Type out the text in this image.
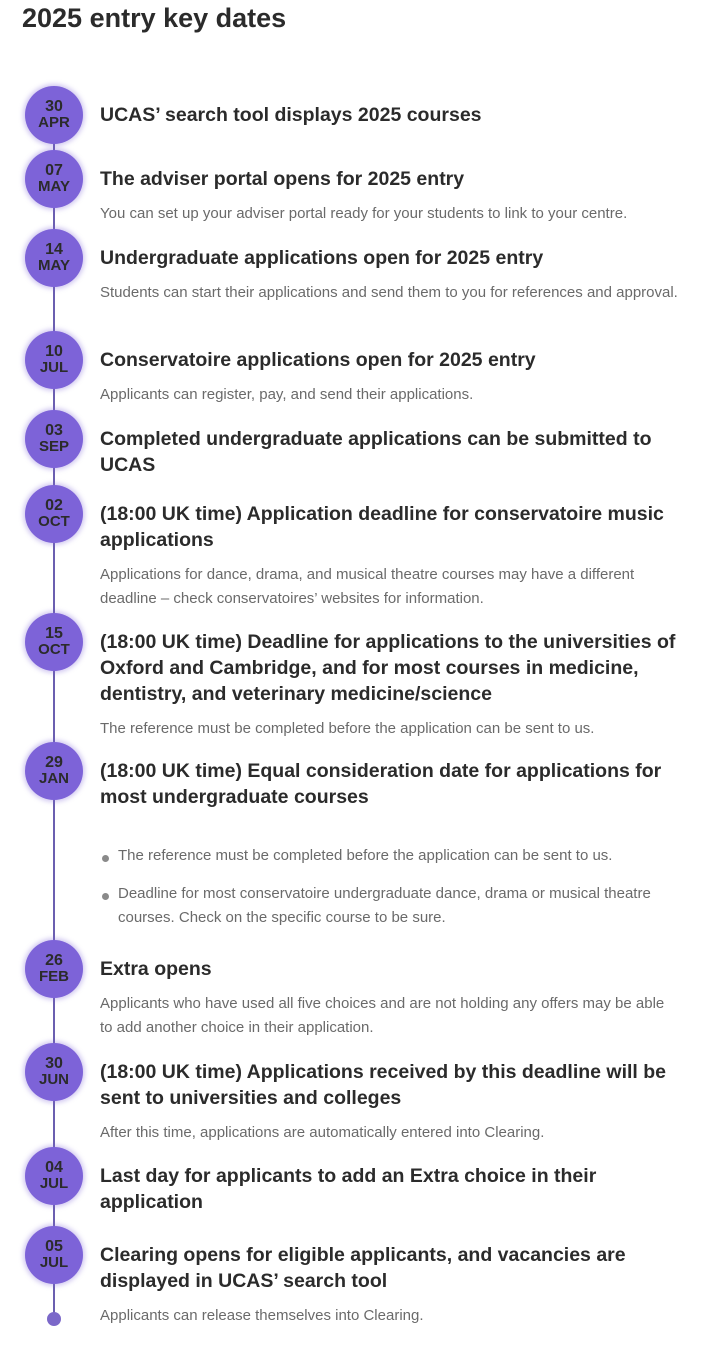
2025 entry key dates
30
APR UCAS’ search tool displays 2025 courses

07
MAY The adviser portal opens for 2025 entry

You can set up your adviser portal ready for your students to link to your centre.
14
MAY Undergraduate applications open for 2025 entry

Students can start their applications and send them to you for references and approval.
10
JUL Conservatoire applications open for 2025 entry

Applicants can register, pay, and send their applications.
03
SEP Completed undergraduate applications can be submitted to UCAS

02
OCT (18:00 UK time) Application deadline for conservatoire music applications

Applications for dance, drama, and musical theatre courses may have a different deadline – check conservatoires’ websites for information.
15
OCT (18:00 UK time) Deadline for applications to the universities of Oxford and Cambridge, and for most courses in medicine, dentistry, and veterinary medicine/science

The reference must be completed before the application can be sent to us.
29
JAN (18:00 UK time) Equal consideration date for applications for most undergraduate courses

The reference must be completed before the application can be sent to us.
Deadline for most conservatoire undergraduate dance, drama or musical theatre courses. Check on the specific course to be sure.
26
FEB Extra opens

Applicants who have used all five choices and are not holding any offers may be able to add another choice in their application.
30
JUN (18:00 UK time) Applications received by this deadline will be sent to universities and colleges

After this time, applications are automatically entered into Clearing.
04
JUL Last day for applicants to add an Extra choice in their application

05
JUL Clearing opens for eligible applicants, and vacancies are displayed in UCAS’ search tool

Applicants can release themselves into Clearing.
